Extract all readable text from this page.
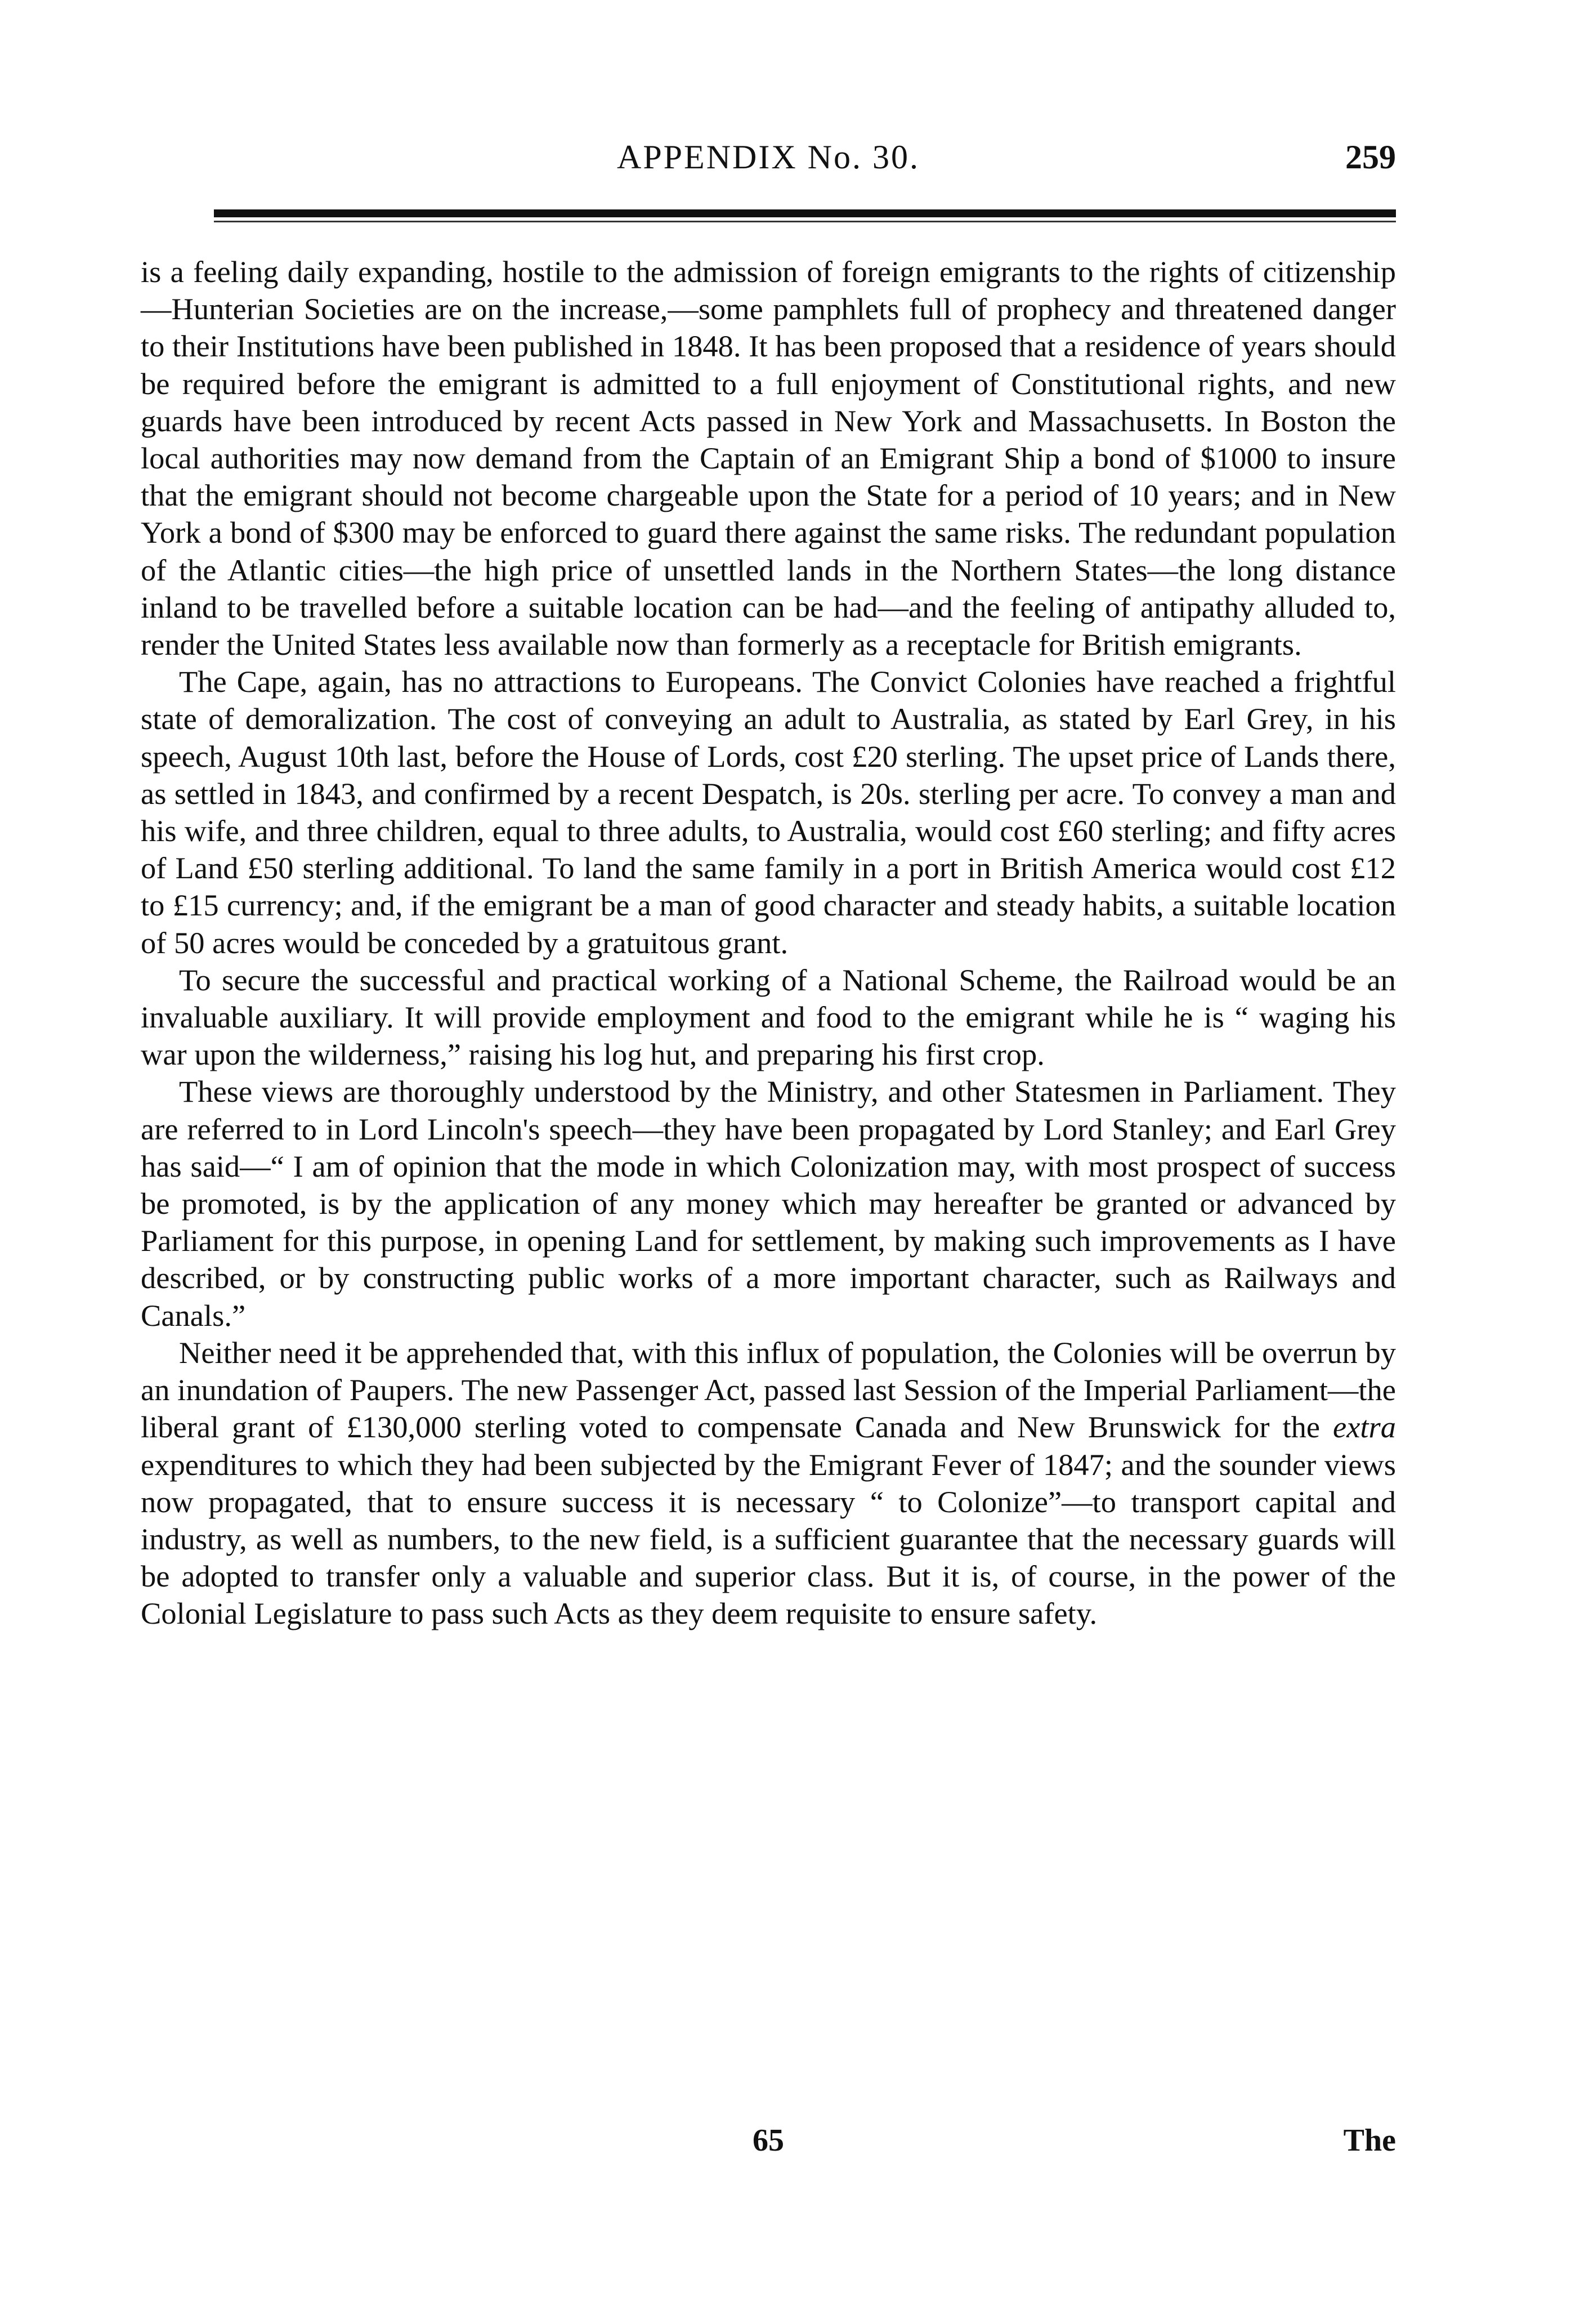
APPENDIX No. 30.	259

is a feeling daily expanding, hostile to the admission of foreign emigrants to the rights of citizenship—Hunterian Societies are on the increase,—some pamphlets full of prophecy and threatened danger to their Institutions have been published in 1848. It has been proposed that a residence of years should be required before the emigrant is admitted to a full enjoyment of Constitutional rights, and new guards have been introduced by recent Acts passed in New York and Massachusetts. In Boston the local authorities may now demand from the Captain of an Emigrant Ship a bond of $1000 to insure that the emigrant should not become chargeable upon the State for a period of 10 years; and in New York a bond of $300 may be enforced to guard there against the same risks. The redundant population of the Atlantic cities—the high price of unsettled lands in the Northern States—the long distance inland to be travelled before a suitable location can be had—and the feeling of antipathy alluded to, render the United States less available now than formerly as a receptacle for British emigrants.

The Cape, again, has no attractions to Europeans. The Convict Colonies have reached a frightful state of demoralization. The cost of conveying an adult to Australia, as stated by Earl Grey, in his speech, August 10th last, before the House of Lords, cost £20 sterling. The upset price of Lands there, as settled in 1843, and confirmed by a recent Despatch, is 20s. sterling per acre. To convey a man and his wife, and three children, equal to three adults, to Australia, would cost £60 sterling; and fifty acres of Land £50 sterling additional. To land the same family in a port in British America would cost £12 to £15 currency; and, if the emigrant be a man of good character and steady habits, a suitable location of 50 acres would be conceded by a gratuitous grant.

To secure the successful and practical working of a National Scheme, the Railroad would be an invaluable auxiliary. It will provide employment and food to the emigrant while he is “ waging his war upon the wilderness,” raising his log hut, and preparing his first crop.

These views are thoroughly understood by the Ministry, and other Statesmen in Parliament. They are referred to in Lord Lincoln's speech—they have been propagated by Lord Stanley; and Earl Grey has said—“ I am of opinion that the mode in which Colonization may, with most prospect of success be promoted, is by the application of any money which may hereafter be granted or advanced by Parliament for this purpose, in opening Land for settlement, by making such improvements as I have described, or by constructing public works of a more important character, such as Railways and Canals.”

Neither need it be apprehended that, with this influx of population, the Colonies will be overrun by an inundation of Paupers. The new Passenger Act, passed last Session of the Imperial Parliament—the liberal grant of £130,000 sterling voted to compensate Canada and New Brunswick for the extra expenditures to which they had been subjected by the Emigrant Fever of 1847; and the sounder views now propagated, that to ensure success it is necessary “ to Colonize”—to transport capital and industry, as well as numbers, to the new field, is a sufficient guarantee that the necessary guards will be adopted to transfer only a valuable and superior class. But it is, of course, in the power of the Colonial Legislature to pass such Acts as they deem requisite to ensure safety.

65	The
